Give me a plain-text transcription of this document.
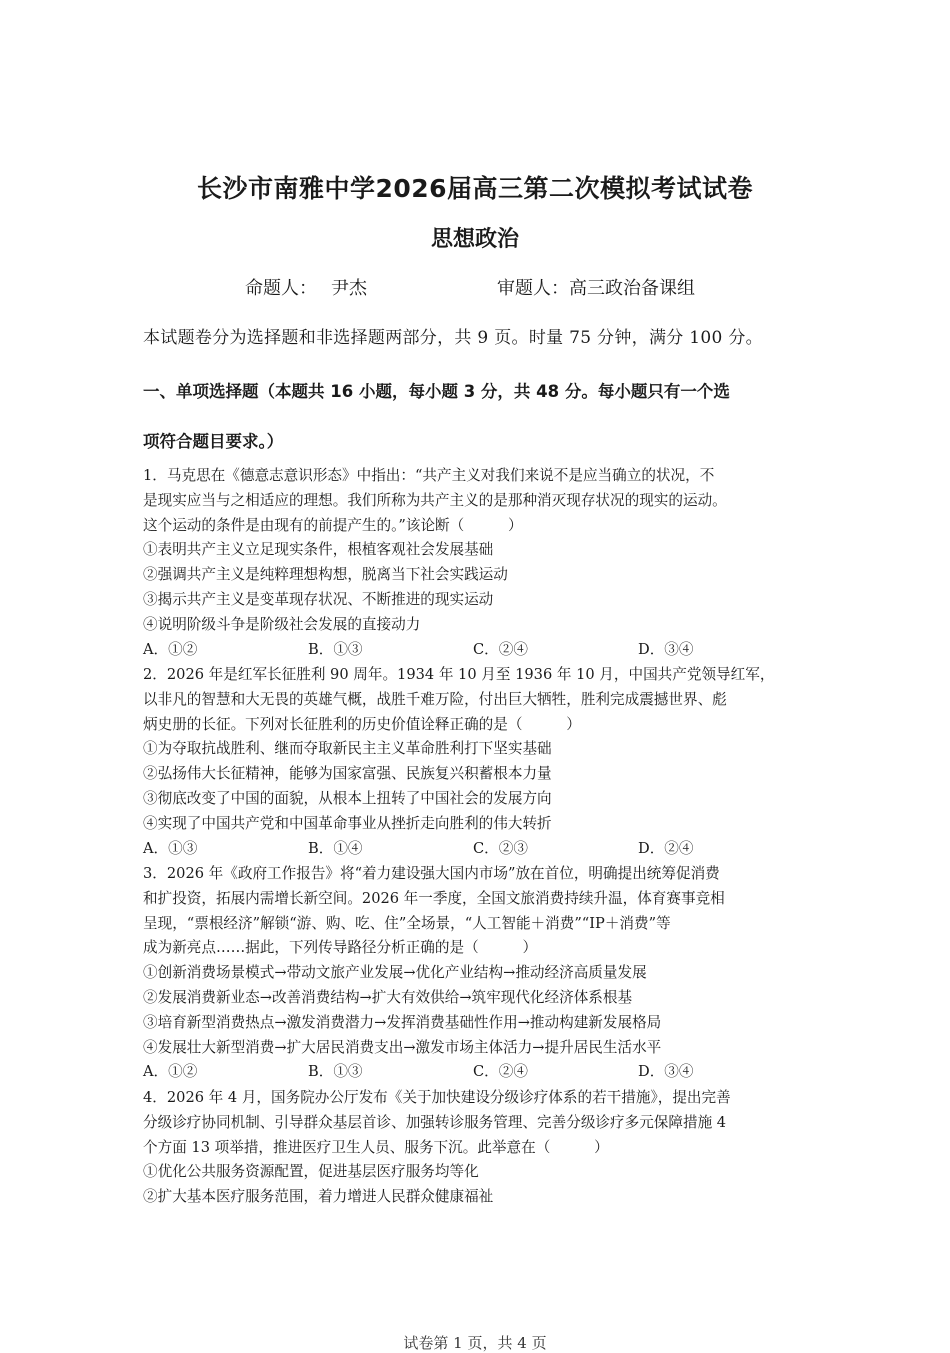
长沙市南雅中学2026届高三第二次模拟考试试卷
思想政治
命题人： 尹杰	审题人：高三政治备课组
本试题卷分为选择题和非选择题两部分，共 9 页。时量 75 分钟，满分 100 分。
一、单项选择题（本题共 16 小题，每小题 3 分，共 48 分。每小题只有一个选
项符合题目要求。）

1．马克思在《德意志意识形态》中指出：“共产主义对我们来说不是应当确立的状况，不

是现实应当与之相适应的理想。我们所称为共产主义的是那种消灭现存状况的现实的运动。

这个运动的条件是由现有的前提产生的。”该论断（　　　）

①表明共产主义立足现实条件，根植客观社会发展基础

②强调共产主义是纯粹理想构想，脱离当下社会实践运动

③揭示共产主义是变革现存状况、不断推进的现实运动

④说明阶级斗争是阶级社会发展的直接动力

A．①②	B．①③	C．②④	D．③④

2．2026 年是红军长征胜利 90 周年。1934 年 10 月至 1936 年 10 月，中国共产党领导红军，

以非凡的智慧和大无畏的英雄气概，战胜千难万险，付出巨大牺牲，胜利完成震撼世界、彪

炳史册的长征。下列对长征胜利的历史价值诠释正确的是（　　　）

①为夺取抗战胜利、继而夺取新民主主义革命胜利打下坚实基础

②弘扬伟大长征精神，能够为国家富强、民族复兴积蓄根本力量

③彻底改变了中国的面貌，从根本上扭转了中国社会的发展方向

④实现了中国共产党和中国革命事业从挫折走向胜利的伟大转折

A．①③	B．①④	C．②③	D．②④

3．2026 年《政府工作报告》将“着力建设强大国内市场”放在首位，明确提出统筹促消费

和扩投资，拓展内需增长新空间。2026 年一季度，全国文旅消费持续升温，体育赛事竞相

呈现，“票根经济”解锁“游、购、吃、住”全场景，“人工智能＋消费”“IP＋消费”等

成为新亮点……据此，下列传导路径分析正确的是（　　　）

①创新消费场景模式→带动文旅产业发展→优化产业结构→推动经济高质量发展

②发展消费新业态→改善消费结构→扩大有效供给→筑牢现代化经济体系根基

③培育新型消费热点→激发消费潜力→发挥消费基础性作用→推动构建新发展格局

④发展壮大新型消费→扩大居民消费支出→激发市场主体活力→提升居民生活水平

A．①②	B．①③	C．②④	D．③④

4．2026 年 4 月，国务院办公厅发布《关于加快建设分级诊疗体系的若干措施》，提出完善

分级诊疗协同机制、引导群众基层首诊、加强转诊服务管理、完善分级诊疗多元保障措施 4

个方面 13 项举措，推进医疗卫生人员、服务下沉。此举意在（　　　）

①优化公共服务资源配置，促进基层医疗服务均等化

②扩大基本医疗服务范围，着力增进人民群众健康福祉

试卷第 1 页，共 4 页
